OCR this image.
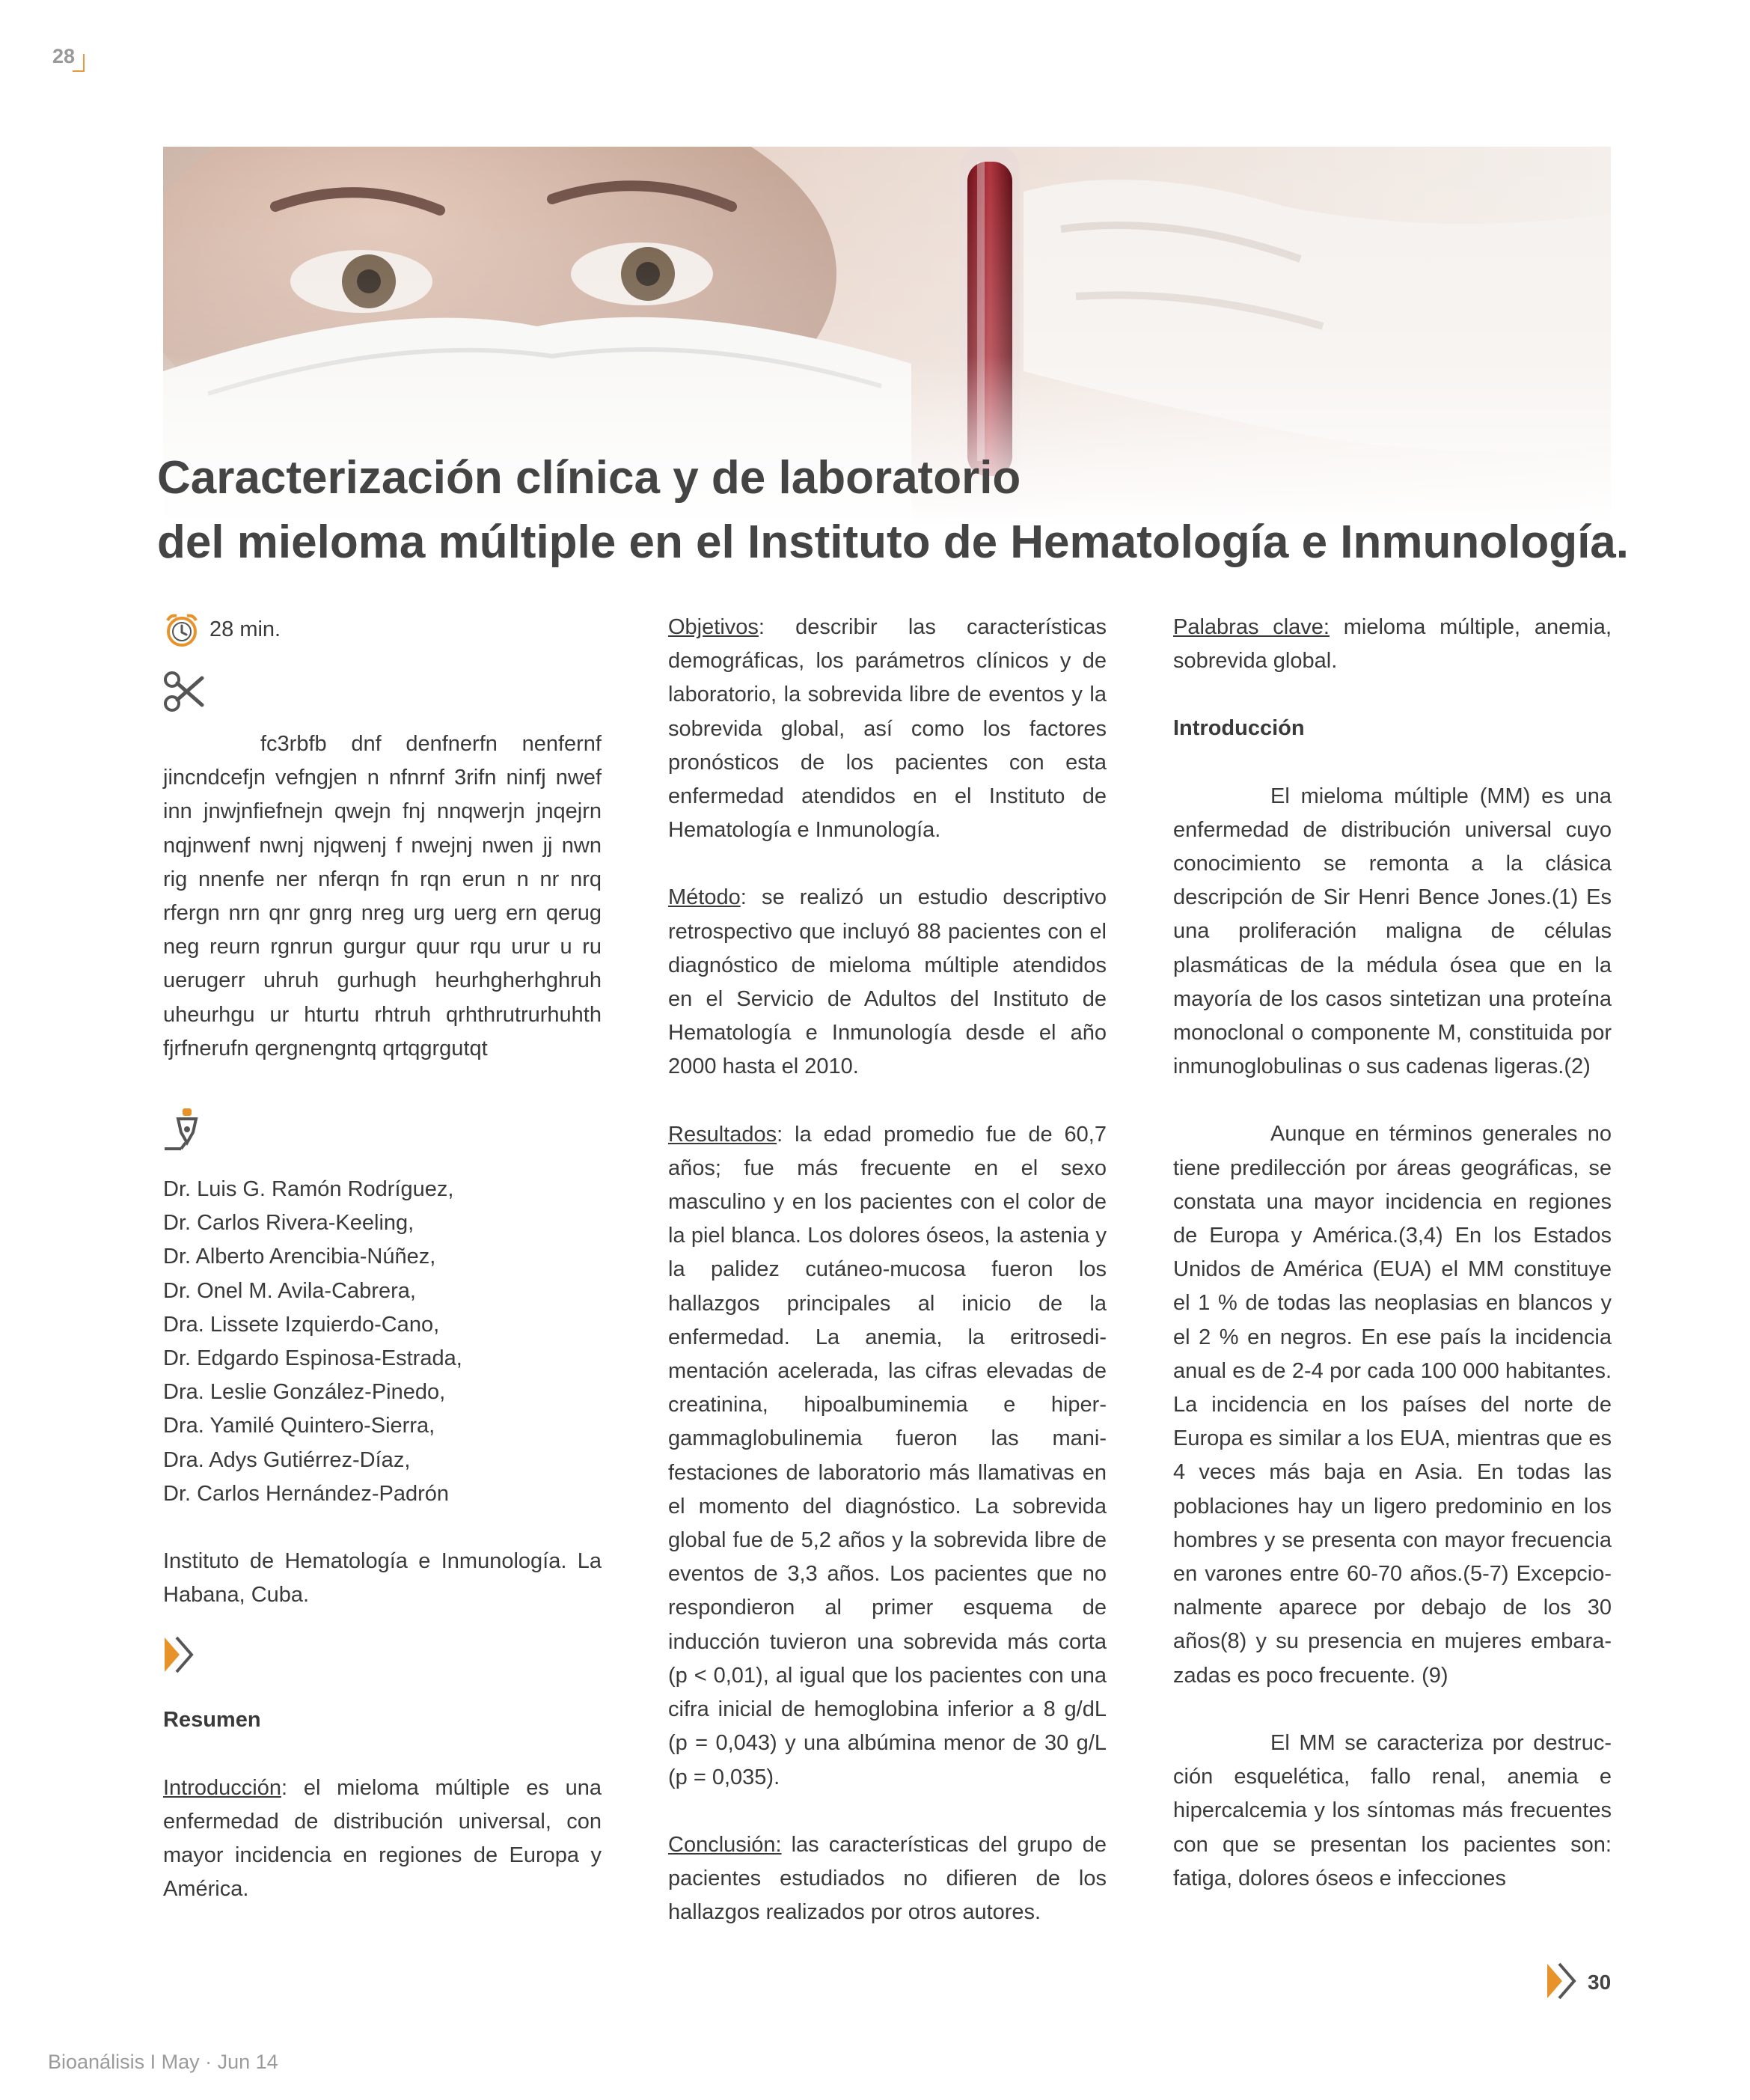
28
Caracterización clínica y de laboratorio
del mieloma múltiple en el Instituto de Hematología e Inmunología.
28 min.

fc3rbfb dnf denfnerfn nenfernf jincndcefjn vefngjen n nfnrnf 3rifn ninfj nwef inn jnwjnfiefnejn qwejn fnj nnqwerjn jnqejrn nqjnwenf nwnj njqwenj f nwejnj nwen jj nwn rig nnenfe ner nferqn fn rqn erun n nr nrq rfergn nrn qnr gnrg nreg urg uerg ern qerug neg reurn rgnrun gurgur quur rqu urur u ru uerugerr uhruh gurhugh heurhgherhghruh uheurhgu ur hturtu rhtruh qrhthrutrurhuhth fjrfnerufn qergnengntq qrtqgrgutqt

Dr. Luis G. Ramón Rodríguez,

Dr. Carlos Rivera-Keeling,

Dr. Alberto Arencibia-Núñez,

Dr. Onel M. Avila-Cabrera,

Dra. Lissete Izquierdo-Cano,

Dr. Edgardo Espinosa-Estrada,

Dra. Leslie González-Pinedo,

Dra. Yamilé Quintero-Sierra,

Dra. Adys Gutiérrez-Díaz,

Dr. Carlos Hernández-Padrón

Instituto de Hematología e Inmunología. La Habana, Cuba.

Resumen

Introducción: el mieloma múltiple es una enfermedad de distribución universal, con mayor incidencia en regiones de Europa y América.

Objetivos: describir las características demográficas, los parámetros clínicos y de laboratorio, la sobrevida libre de eventos y la sobrevida global, así como los factores pronósticos de los pacientes con esta enfermedad atendidos en el Instituto de Hematología e Inmunología.

Método: se realizó un estudio descriptivo retrospectivo que incluyó 88 pacientes con el diagnóstico de mieloma múltiple atendidos en el Servicio de Adultos del Instituto de Hematología e Inmunología desde el año 2000 hasta el 2010.

Resultados: la edad promedio fue de 60,7 años; fue más frecuente en el sexo masculino y en los pacientes con el color de la piel blanca. Los dolores óseos, la astenia y la palidez cutáneo-mucosa fueron los hallazgos principales al inicio de la enfermedad. La anemia, la eritrosedi-mentación acelerada, las cifras elevadas de creatinina, hipoalbuminemia e hiper-gammaglobulinemia fueron las mani-festaciones de laboratorio más llamativas en el momento del diagnóstico. La sobrevida global fue de 5,2 años y la sobrevida libre de eventos de 3,3 años. Los pacientes que no respondieron al primer esquema de inducción tuvieron una sobrevida más corta (p < 0,01), al igual que los pacientes con una cifra inicial de hemoglobina inferior a 8 g/dL (p = 0,043) y una albúmina menor de 30 g/L (p = 0,035).

Conclusión: las características del grupo de pacientes estudiados no difieren de los hallazgos realizados por otros autores.

Palabras clave: mieloma múltiple, anemia, sobrevida global.

Introducción

El mieloma múltiple (MM) es una enfermedad de distribución universal cuyo conocimiento se remonta a la clásica descripción de Sir Henri Bence Jones.(1) Es una proliferación maligna de células plasmáticas de la médula ósea que en la mayoría de los casos sintetizan una proteína monoclonal o componente M, constituida por inmunoglobulinas o sus cadenas ligeras.(2)

Aunque en términos generales no tiene predilección por áreas geográficas, se constata una mayor incidencia en regiones de Europa y América.(3,4) En los Estados Unidos de América (EUA) el MM constituye el 1 % de todas las neoplasias en blancos y el 2 % en negros. En ese país la incidencia anual es de 2-4 por cada 100 000 habitantes. La incidencia en los países del norte de Europa es similar a los EUA, mientras que es 4 veces más baja en Asia. En todas las poblaciones hay un ligero predominio en los hombres y se presenta con mayor frecuencia en varones entre 60-70 años.(5-7) Excepcio-nalmente aparece por debajo de los 30 años(8) y su presencia en mujeres embara-zadas es poco frecuente. (9)

El MM se caracteriza por destruc-ción esquelética, fallo renal, anemia e hipercalcemia y los síntomas más frecuentes con que se presentan los pacientes son: fatiga, dolores óseos e infecciones

30
Bioanálisis I May · Jun 14
